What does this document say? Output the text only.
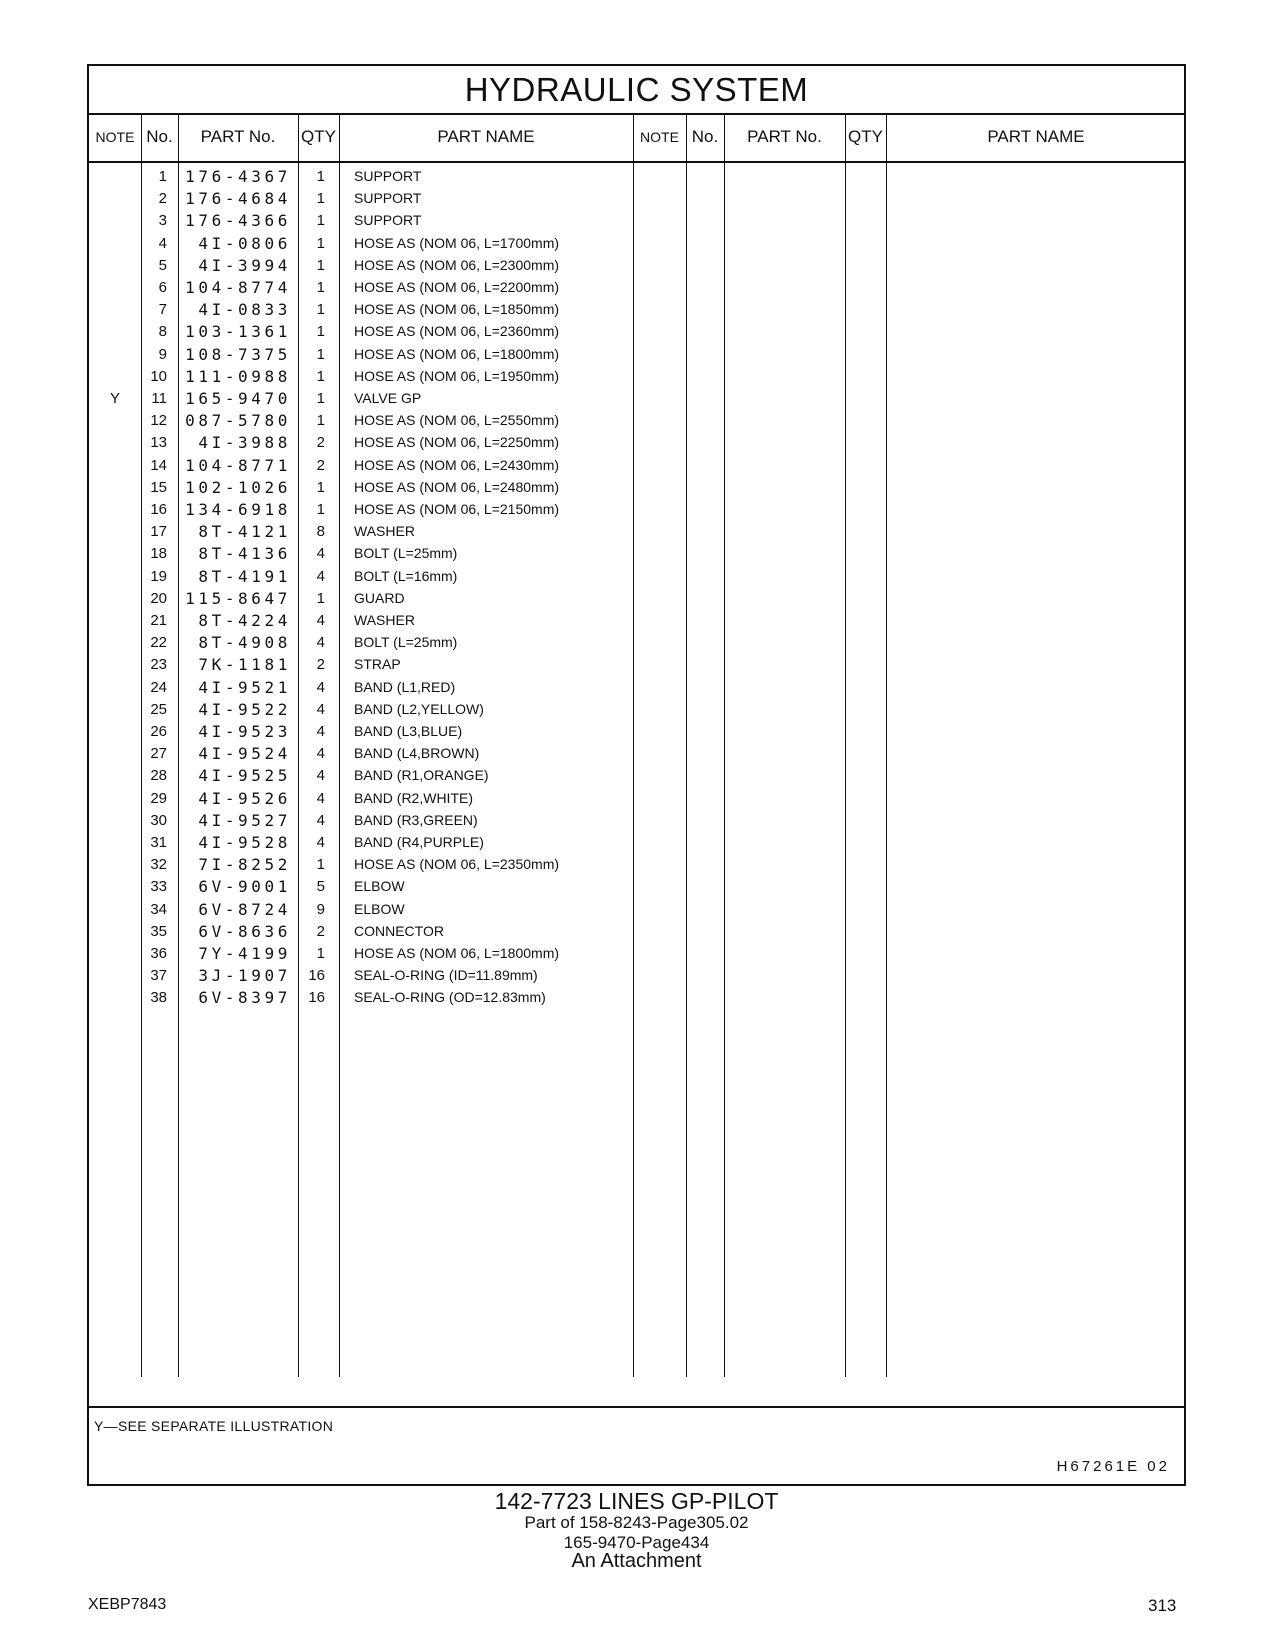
HYDRAULIC SYSTEM
NOTE No.	PART No.	QTY	PART NAME	NOTE No.	PART No.	QTY	PART NAME
1	176-4367	1 SUPPORT
2	176-4684	1 SUPPORT
3	176-4366	1 SUPPORT
4	4I-0806	1 HOSE AS (NOM 06, L=1700mm)
5	4I-3994	1 HOSE AS (NOM 06, L=2300mm)
6	104-8774	1 HOSE AS (NOM 06, L=2200mm)
7	4I-0833	1 HOSE AS (NOM 06, L=1850mm)
8	103-1361	1 HOSE AS (NOM 06, L=2360mm)
9	108-7375	1 HOSE AS (NOM 06, L=1800mm)
10	111-0988	1 HOSE AS (NOM 06, L=1950mm)
Y	11	165-9470	1 VALVE GP
12	087-5780	1 HOSE AS (NOM 06, L=2550mm)
13	4I-3988	2 HOSE AS (NOM 06, L=2250mm)
14	104-8771	2 HOSE AS (NOM 06, L=2430mm)
15	102-1026	1 HOSE AS (NOM 06, L=2480mm)
16	134-6918	1 HOSE AS (NOM 06, L=2150mm)
17	8T-4121	8 WASHER
18	8T-4136	4 BOLT (L=25mm)
19	8T-4191	4 BOLT (L=16mm)
20	115-8647	1 GUARD
21	8T-4224	4 WASHER
22	8T-4908	4 BOLT (L=25mm)
23	7K-1181	2 STRAP
24	4I-9521	4 BAND (L1,RED)
25	4I-9522	4 BAND (L2,YELLOW)
26	4I-9523	4 BAND (L3,BLUE)
27	4I-9524	4 BAND (L4,BROWN)
28	4I-9525	4 BAND (R1,ORANGE)
29	4I-9526	4 BAND (R2,WHITE)
30	4I-9527	4 BAND (R3,GREEN)
31	4I-9528	4 BAND (R4,PURPLE)
32	7I-8252	1 HOSE AS (NOM 06, L=2350mm)
33	6V-9001	5 ELBOW
34	6V-8724	9 ELBOW
35	6V-8636	2 CONNECTOR
36	7Y-4199	1 HOSE AS (NOM 06, L=1800mm)
37	3J-1907	16 SEAL-O-RING (ID=11.89mm)
38	6V-8397	16 SEAL-O-RING (OD=12.83mm)
Y—SEE SEPARATE ILLUSTRATION
H67261E 02
142-7723 LINES GP-PILOT
Part of 158-8243-Page305.02
165-9470-Page434
An Attachment
XEBP7843	313
